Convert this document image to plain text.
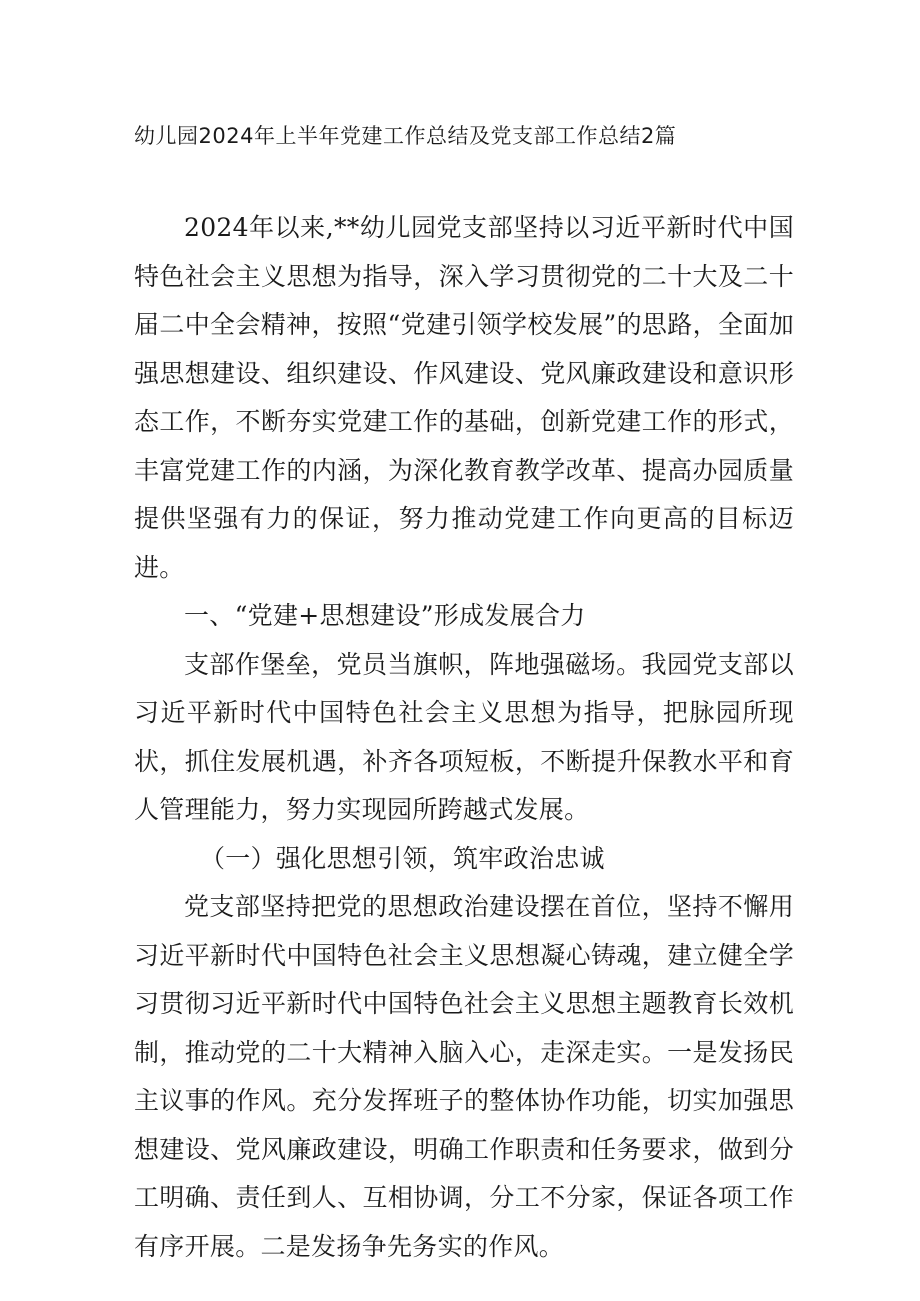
幼儿园2024年上半年党建工作总结及党支部工作总结2篇

2024年以来,**幼儿园党支部坚持以习近平新时代中国特色社会主义思想为指导，深入学习贯彻党的二十大及二十届二中全会精神，按照“党建引领学校发展”的思路，全面加强思想建设、组织建设、作风建设、党风廉政建设和意识形态工作，不断夯实党建工作的基础，创新党建工作的形式，丰富党建工作的内涵，为深化教育教学改革、提高办园质量提供坚强有力的保证，努力推动党建工作向更高的目标迈进。

一、“党建+思想建设”形成发展合力

支部作堡垒，党员当旗帜，阵地强磁场。我园党支部以习近平新时代中国特色社会主义思想为指导，把脉园所现状，抓住发展机遇，补齐各项短板，不断提升保教水平和育人管理能力，努力实现园所跨越式发展。

（一）强化思想引领，筑牢政治忠诚

党支部坚持把党的思想政治建设摆在首位，坚持不懈用习近平新时代中国特色社会主义思想凝心铸魂，建立健全学习贯彻习近平新时代中国特色社会主义思想主题教育长效机制，推动党的二十大精神入脑入心，走深走实。一是发扬民主议事的作风。充分发挥班子的整体协作功能，切实加强思想建设、党风廉政建设，明确工作职责和任务要求，做到分工明确、责任到人、互相协调，分工不分家，保证各项工作有序开展。二是发扬争先务实的作风。
